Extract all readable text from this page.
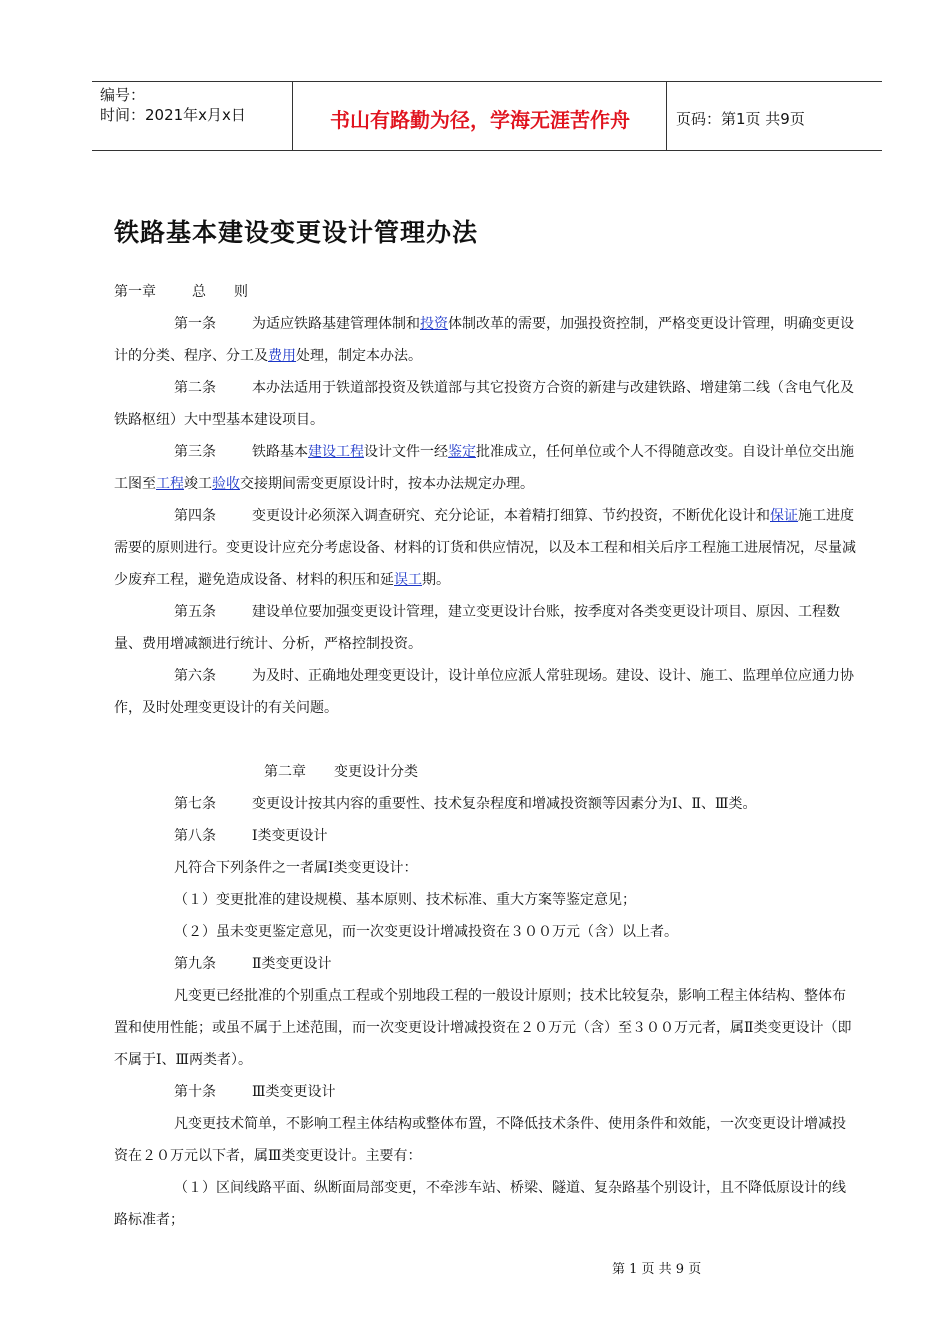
编号：
时间：2021年x月x日	书山有路勤为径，学海无涯苦作舟	页码：第1页 共9页
铁路基本建设变更设计管理办法

第一章	总 则

第一条	为适应铁路基建管理体制和投资体制改革的需要，加强投资控制，严格变更设计管理，明确变更设计的分类、程序、分工及费用处理，制定本办法。

第二条	本办法适用于铁道部投资及铁道部与其它投资方合资的新建与改建铁路、增建第二线（含电气化及铁路枢纽）大中型基本建设项目。

第三条	铁路基本建设工程设计文件一经鉴定批准成立，任何单位或个人不得随意改变。自设计单位交出施工图至工程竣工验收交接期间需变更原设计时，按本办法规定办理。

第四条	变更设计必须深入调查研究、充分论证，本着精打细算、节约投资，不断优化设计和保证施工进度需要的原则进行。变更设计应充分考虑设备、材料的订货和供应情况，以及本工程和相关后序工程施工进展情况，尽量减少废弃工程，避免造成设备、材料的积压和延误工期。

第五条	建设单位要加强变更设计管理，建立变更设计台账，按季度对各类变更设计项目、原因、工程数量、费用增减额进行统计、分析，严格控制投资。

第六条	为及时、正确地处理变更设计，设计单位应派人常驻现场。建设、设计、施工、监理单位应通力协作，及时处理变更设计的有关问题。

第二章 变更设计分类

第七条	变更设计按其内容的重要性、技术复杂程度和增减投资额等因素分为Ⅰ、Ⅱ、Ⅲ类。

第八条	Ⅰ类变更设计

凡符合下列条件之一者属Ⅰ类变更设计：

（１）变更批准的建设规模、基本原则、技术标准、重大方案等鉴定意见；

（２）虽未变更鉴定意见，而一次变更设计增减投资在３００万元（含）以上者。

第九条	Ⅱ类变更设计

凡变更已经批准的个别重点工程或个别地段工程的一般设计原则；技术比较复杂，影响工程主体结构、整体布置和使用性能；或虽不属于上述范围，而一次变更设计增减投资在２０万元（含）至３００万元者，属Ⅱ类变更设计（即不属于Ⅰ、Ⅲ两类者）。

第十条	Ⅲ类变更设计

凡变更技术简单，不影响工程主体结构或整体布置，不降低技术条件、使用条件和效能，一次变更设计增减投资在２０万元以下者，属Ⅲ类变更设计。主要有：

（１）区间线路平面、纵断面局部变更，不牵涉车站、桥梁、隧道、复杂路基个别设计，且不降低原设计的线路标准者；

第 1 页 共 9 页
